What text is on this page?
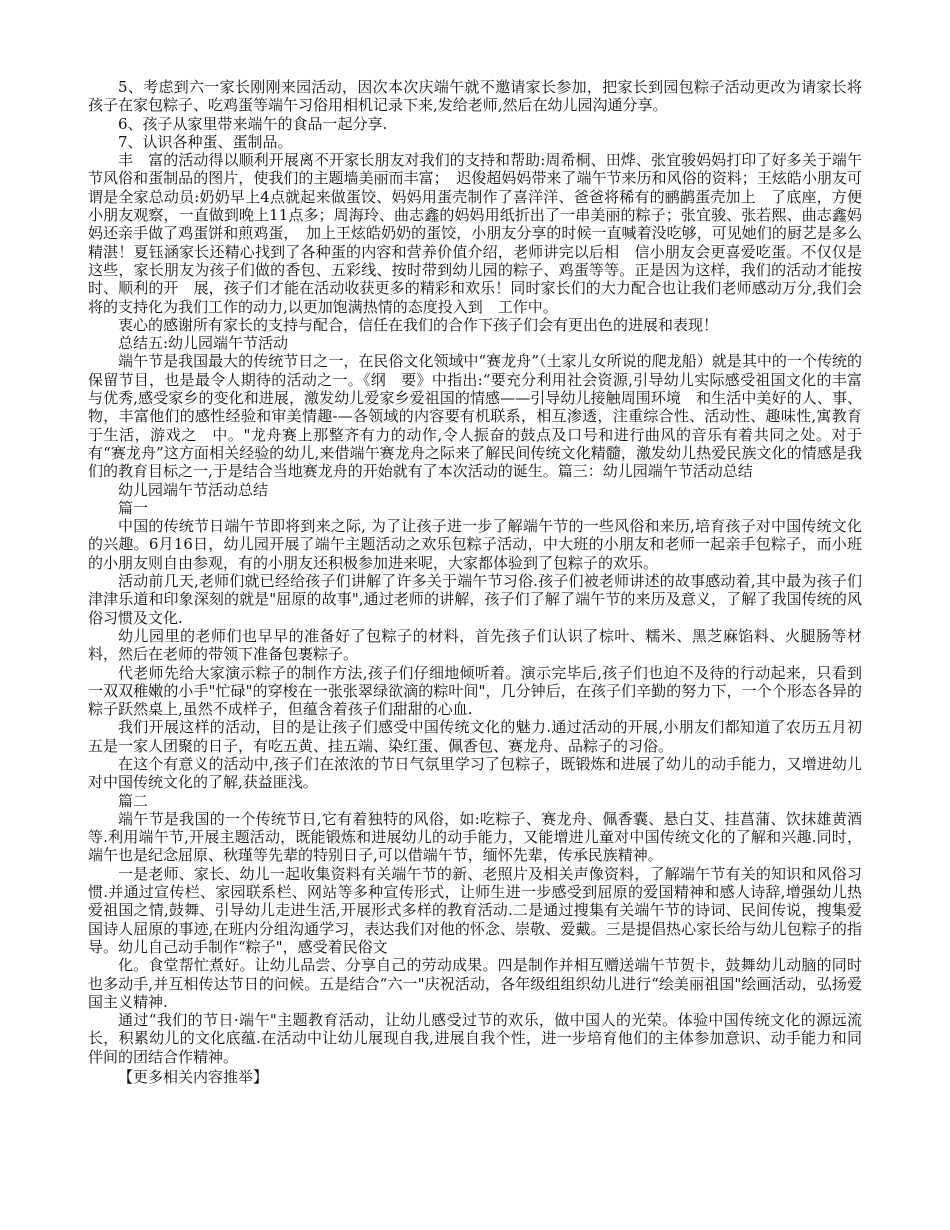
5、考虑到六一家长刚刚来园活动，因次本次庆端午就不邀请家长参加，把家长到园包粽子活动更改为请家长将孩子在家包粽子、吃鸡蛋等端午习俗用相机记录下来,发给老师,然后在幼儿园沟通分享。

6、孩子从家里带来端午的食品一起分享.

7、认识各种蛋、蛋制品。

丰　富的活动得以顺利开展离不开家长朋友对我们的支持和帮助:周希桐、田烨、张宜骏妈妈打印了好多关于端午节风俗和蛋制品的图片，使我们的主题墙美丽而丰富；　迟俊超妈妈带来了端午节来历和风俗的资料；王炫皓小朋友可谓是全家总动员:奶奶早上4点就起来做蛋饺、妈妈用蛋壳制作了喜洋洋、爸爸将稀有的鹂鹋蛋壳加上　了底座，方便小朋友观察，一直做到晚上11点多；周海玲、曲志鑫的妈妈用纸折出了一串美丽的粽子；张宜骏、张若熙、曲志鑫妈妈还亲手做了鸡蛋饼和煎鸡蛋，　加上王炫皓奶奶的蛋饺，小朋友分享的时候一直喊着没吃够，可见她们的厨艺是多么精湛！夏钰涵家长还精心找到了各种蛋的内容和营养价值介绍，老师讲完以后相　信小朋友会更喜爱吃蛋。不仅仅是这些，家长朋友为孩子们做的香包、五彩线、按时带到幼儿园的粽子、鸡蛋等等。正是因为这样，我们的活动才能按时、顺利的开　展，孩子们才能在活动收获更多的精彩和欢乐！同时家长们的大力配合也让我们老师感动万分,我们会将的支持化为我们工作的动力,以更加饱满热情的态度投入到　工作中。

衷心的感谢所有家长的支持与配合，信任在我们的合作下孩子们会有更出色的进展和表现！

总结五:幼儿园端午节活动

端午节是我国最大的传统节日之一，在民俗文化领域中“赛龙舟”（土家儿女所说的爬龙船）就是其中的一个传统的保留节目，也是最令人期待的活动之一。《纲　要》中指出:“要充分利用社会资源,引导幼儿实际感受祖国文化的丰富与优秀,感受家乡的变化和进展，激发幼儿爱家乡爱祖国的情感——引导幼儿接触周围环境　和生活中美好的人、事、物，丰富他们的感性经验和审美情趣-—各领域的内容要有机联系，相互渗透，注重综合性、活动性、趣味性,寓教育于生活，游戏之　中。"龙舟赛上那整齐有力的动作,令人振奋的鼓点及口号和进行曲风的音乐有着共同之处。对于有“赛龙舟”这方面相关经验的幼儿,来借端午赛龙舟之际来了解民间传统文化精髓，激发幼儿热爱民族文化的情感是我们的教育目标之一,于是结合当地赛龙舟的开始就有了本次活动的诞生。篇三：幼儿园端午节活动总结

幼儿园端午节活动总结

篇一

中国的传统节日端午节即将到来之际, 为了让孩子进一步了解端午节的一些风俗和来历,培育孩子对中国传统文化的兴趣。6月16日，幼儿园开展了端午主题活动之欢乐包粽子活动，中大班的小朋友和老师一起亲手包粽子，而小班的小朋友则自由参观，有的小朋友还积极参加进来呢，大家都体验到了包粽子的欢乐。

活动前几天,老师们就已经给孩子们讲解了许多关于端午节习俗.孩子们被老师讲述的故事感动着,其中最为孩子们津津乐道和印象深刻的就是"屈原的故事",通过老师的讲解，孩子们了解了端午节的来历及意义，了解了我国传统的风俗习惯及文化.

幼儿园里的老师们也早早的准备好了包粽子的材料，首先孩子们认识了棕叶、糯米、黑芝麻馅料、火腿肠等材料，然后在老师的带领下准备包裹粽子。

代老师先给大家演示粽子的制作方法,孩子们仔细地倾听着。演示完毕后,孩子们也迫不及待的行动起来，只看到一双双稚嫩的小手"忙碌"的穿梭在一张张翠绿欲滴的粽叶间"，几分钟后，在孩子们辛勤的努力下，一个个形态各异的粽子跃然桌上,虽然不成样子，但蕴含着孩子们甜甜的心血.

我们开展这样的活动，目的是让孩子们感受中国传统文化的魅力.通过活动的开展,小朋友们都知道了农历五月初五是一家人团聚的日子，有吃五黄、挂五端、染红蛋、佩香包、赛龙舟、品粽子的习俗。

在这个有意义的活动中,孩子们在浓浓的节日气氛里学习了包粽子，既锻炼和进展了幼儿的动手能力，又增进幼儿对中国传统文化的了解,获益匪浅。

篇二

端午节是我国的一个传统节日,它有着独特的风俗，如:吃粽子、赛龙舟、佩香囊、悬白艾、挂菖蒲、饮抹雄黄酒等.利用端午节,开展主题活动，既能锻炼和进展幼儿的动手能力，又能增进儿童对中国传统文化的了解和兴趣.同时，端午也是纪念屈原、秋瑾等先辈的特别日子,可以借端午节，缅怀先辈，传承民族精神。

一是老师、家长、幼儿一起收集资料有关端午节的新、老照片及相关声像资料，了解端午节有关的知识和风俗习惯.并通过宣传栏、家园联系栏、网站等多种宣传形式，让师生进一步感受到屈原的爱国精神和感人诗辞,增强幼儿热爱祖国之情,鼓舞、引导幼儿走进生活,开展形式多样的教育活动.二是通过搜集有关端午节的诗词、民间传说，搜集爱国诗人屈原的事迹,在班内分组沟通学习，表达我们对他的怀念、崇敬、爱戴。三是提倡热心家长给与幼儿包粽子的指导。幼儿自己动手制作“粽子"，感受着民俗文

化。食堂帮忙煮好。让幼儿品尝、分享自己的劳动成果。四是制作并相互赠送端午节贺卡，鼓舞幼儿动脑的同时也多动手,并互相传达节日的问候。五是结合“六一"庆祝活动，各年级组组织幼儿进行“绘美丽祖国"绘画活动，弘扬爱国主义精神.

通过“我们的节日·端午"主题教育活动，让幼儿感受过节的欢乐，做中国人的光荣。体验中国传统文化的源远流长，积累幼儿的文化底蕴.在活动中让幼儿展现自我,进展自我个性，进一步培育他们的主体参加意识、动手能力和同伴间的团结合作精神。

【更多相关内容推举】
